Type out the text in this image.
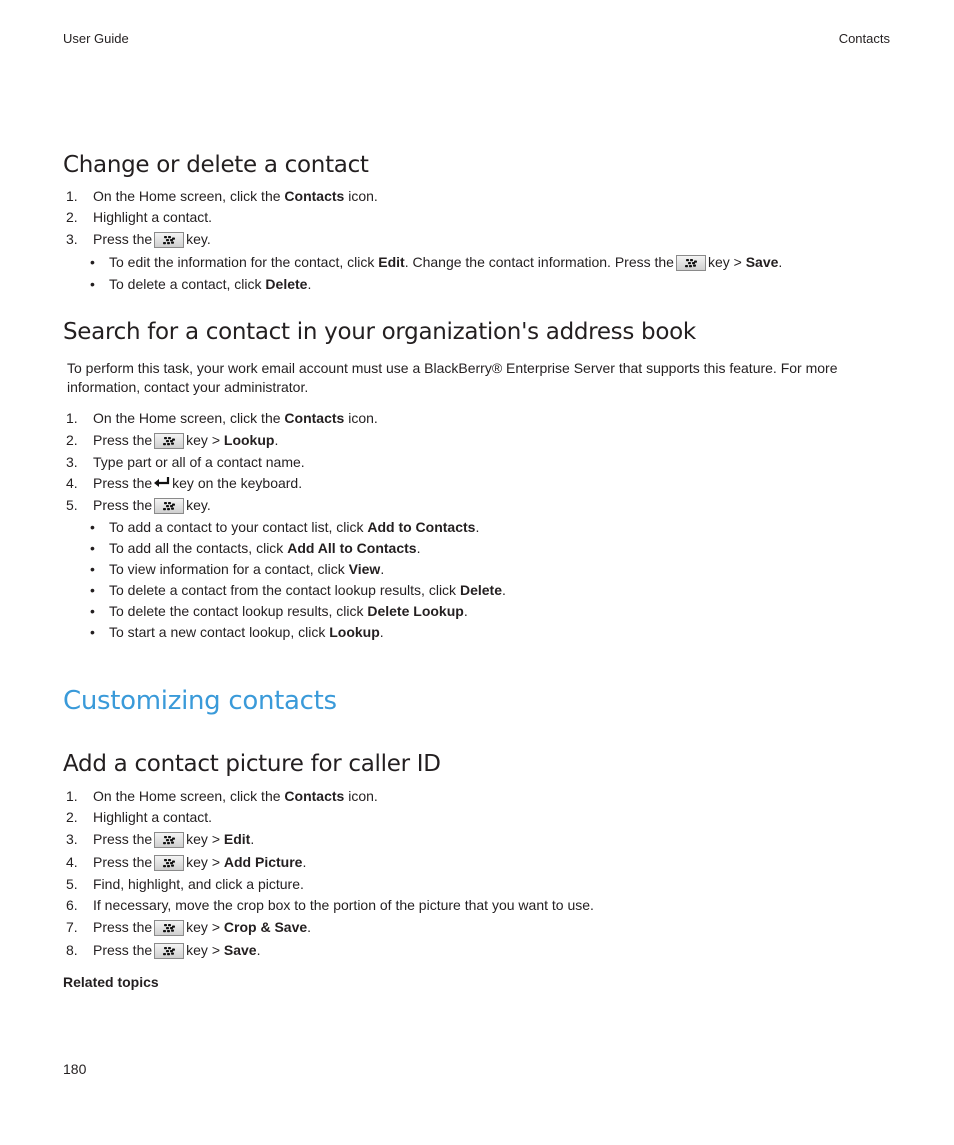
User Guide	Contacts
Change or delete a contact
1. On the Home screen, click the Contacts icon.
2. Highlight a contact.
3. Press the key.
• To edit the information for the contact, click Edit. Change the contact information. Press the key > Save.
• To delete a contact, click Delete.
Search for a contact in your organization's address book
To perform this task, your work email account must use a BlackBerry® Enterprise Server that supports this feature. For more information, contact your administrator.
1. On the Home screen, click the Contacts icon.
2. Press the key > Lookup.
3. Type part or all of a contact name.
4. Press the key on the keyboard.
5. Press the key.
• To add a contact to your contact list, click Add to Contacts.
• To add all the contacts, click Add All to Contacts.
• To view information for a contact, click View.
• To delete a contact from the contact lookup results, click Delete.
• To delete the contact lookup results, click Delete Lookup.
• To start a new contact lookup, click Lookup.
Customizing contacts
Add a contact picture for caller ID
1. On the Home screen, click the Contacts icon.
2. Highlight a contact.
3. Press the key > Edit.
4. Press the key > Add Picture.
5. Find, highlight, and click a picture.
6. If necessary, move the crop box to the portion of the picture that you want to use.
7. Press the key > Crop & Save.
8. Press the key > Save.
Related topics
180
